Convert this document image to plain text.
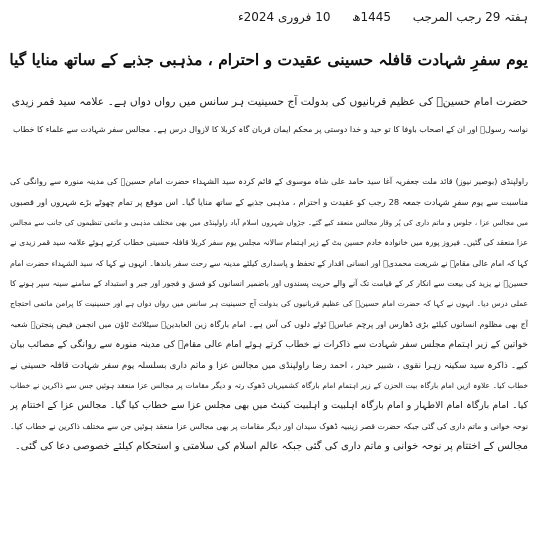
ہفتہ 29 رجب المرجب  1445ھ  10 فروری 2024ء
یوم سفرِ شہادت قافلہ حسینی عقیدت و احترام ، مذہبی جذبے کے ساتھ منایا گیا
حضرت امام حسینؑ کی عظیم قربانیوں کی بدولت آج حسینیت ہر سانس میں رواں دواں ہے۔ علامہ سید قمر زیدی
نواسہ رسولؐ اور ان کے اصحاب باوفا کا تو حید و خدا دوستی پر محکم ایمان قربان گاہ کربلا کا لازوال درس ہے۔ مجالس سفر شہادت سے علماء کا خطاب
راولپنڈی (بوصیر نیوز) قائد ملت جعفریہ آغا سید حامد علی شاہ موسوی کے قائم کردہ سید الشہداء حضرت امام حسینؑ کی مدینہ منورہ سے روانگی کی
مناسبت سے یوم سفرِ شہادت جمعہ 28 رجب کو عقیدت و احترام ، مذہبی جذبے کے ساتھ منایا گیا۔ اس موقع پر تمام چھوٹے بڑے شہروں اور قصبوں
میں مجالس عزا ، جلوس و ماتم داری کی پُر وقار مجالس منعقد کیے گئے۔ جڑواں شہروں اسلام آباد راولپنڈی میں بھی مختلف مذہبی و ماتمی تنظیموں کی جانب سے مجالس
عزا منعقد کی گئیں۔ فیروز پورہ میں خانوادہ خادم حسین بٹ کے زیر اہتمام سالانہ مجلس یوم سفر کربلا قافلہ حسینی خطاب کرتے ہوئے علامہ سید قمر زیدی نے
کہا کہ امام عالی مقامؑ نے شریعت محمدیؐ اور انسانی اقدار کے تحفظ و پاسداری کیلئے مدینہ سے رحت سفر باندھا۔ انہوں نے کہا کہ سید الشہداء حضرت امام
حسینؑ نے یزید کی بیعت سے انکار کر کے قیامت تک آنے والے حریت پسندوں اور باضمیر انسانوں کو فسق و فجور اور جبر و استبداد کے سامنے سینہ سپر ہونے کا
عملی درس دیا۔ انہوں نے کہا کہ حضرت امام حسینؑ کی عظیم قربانیوں کی بدولت آج حسینیت ہر سانس میں رواں دواں ہے اور حسینیت کا پرامن ماتمی احتجاج
آج بھی مظلوم انسانوں کیلئے بڑی ڈھارس اور پرچم عباسؑ ٹوٹے دلوں کی آس ہے۔ امام بارگاہ زین العابدینؑ سیٹلائٹ ٹاؤن میں انجمن فیض پنجتنؑ شعبہ
خواتین کے زیر اہتمام مجلس سفر شہادت سے ذاکرات نے خطاب کرتے ہوئے امام عالی مقامؑ کی مدینہ منورہ سے روانگی کے مصائب بیان
کیے۔ ذاکرہ سید سکینہ زہرا نقوی ، شبیر حیدر ، احمد رضا راولپنڈی میں مجالس عزا و ماتم داری بسلسلہ یوم سفر شہادت قافلہ حسینی نے
خطاب کیا۔ علاوہ ازیں امام بارگاہ بیت الحزن کے زیر اہتمام امام بارگاہ کشمیریاں ڈھوک رتہ و دیگر مقامات پر مجالس عزا منعقد ہوئیں جس سے ذاکرین نے خطاب
کیا۔ امام بارگاہ امام الاطہار و امام بارگاہ اہلبیت و اہلبیت کینٹ میں بھی مجلس عزا سے خطاب کیا گیا۔ مجالس عزا کے اختتام پر
نوحہ خوانی و ماتم داری کی گئی جبکہ حضرت قصر زینبیہ ڈھوک سیدان اور دیگر مقامات پر بھی مجالس عزا منعقد ہوئیں جن سے مختلف ذاکرین نے خطاب کیا۔
مجالس کے اختتام پر نوحہ خوانی و ماتم داری کی گئی جبکہ عالم اسلام کی سلامتی و استحکام کیلئے خصوصی دعا کی گئی۔
